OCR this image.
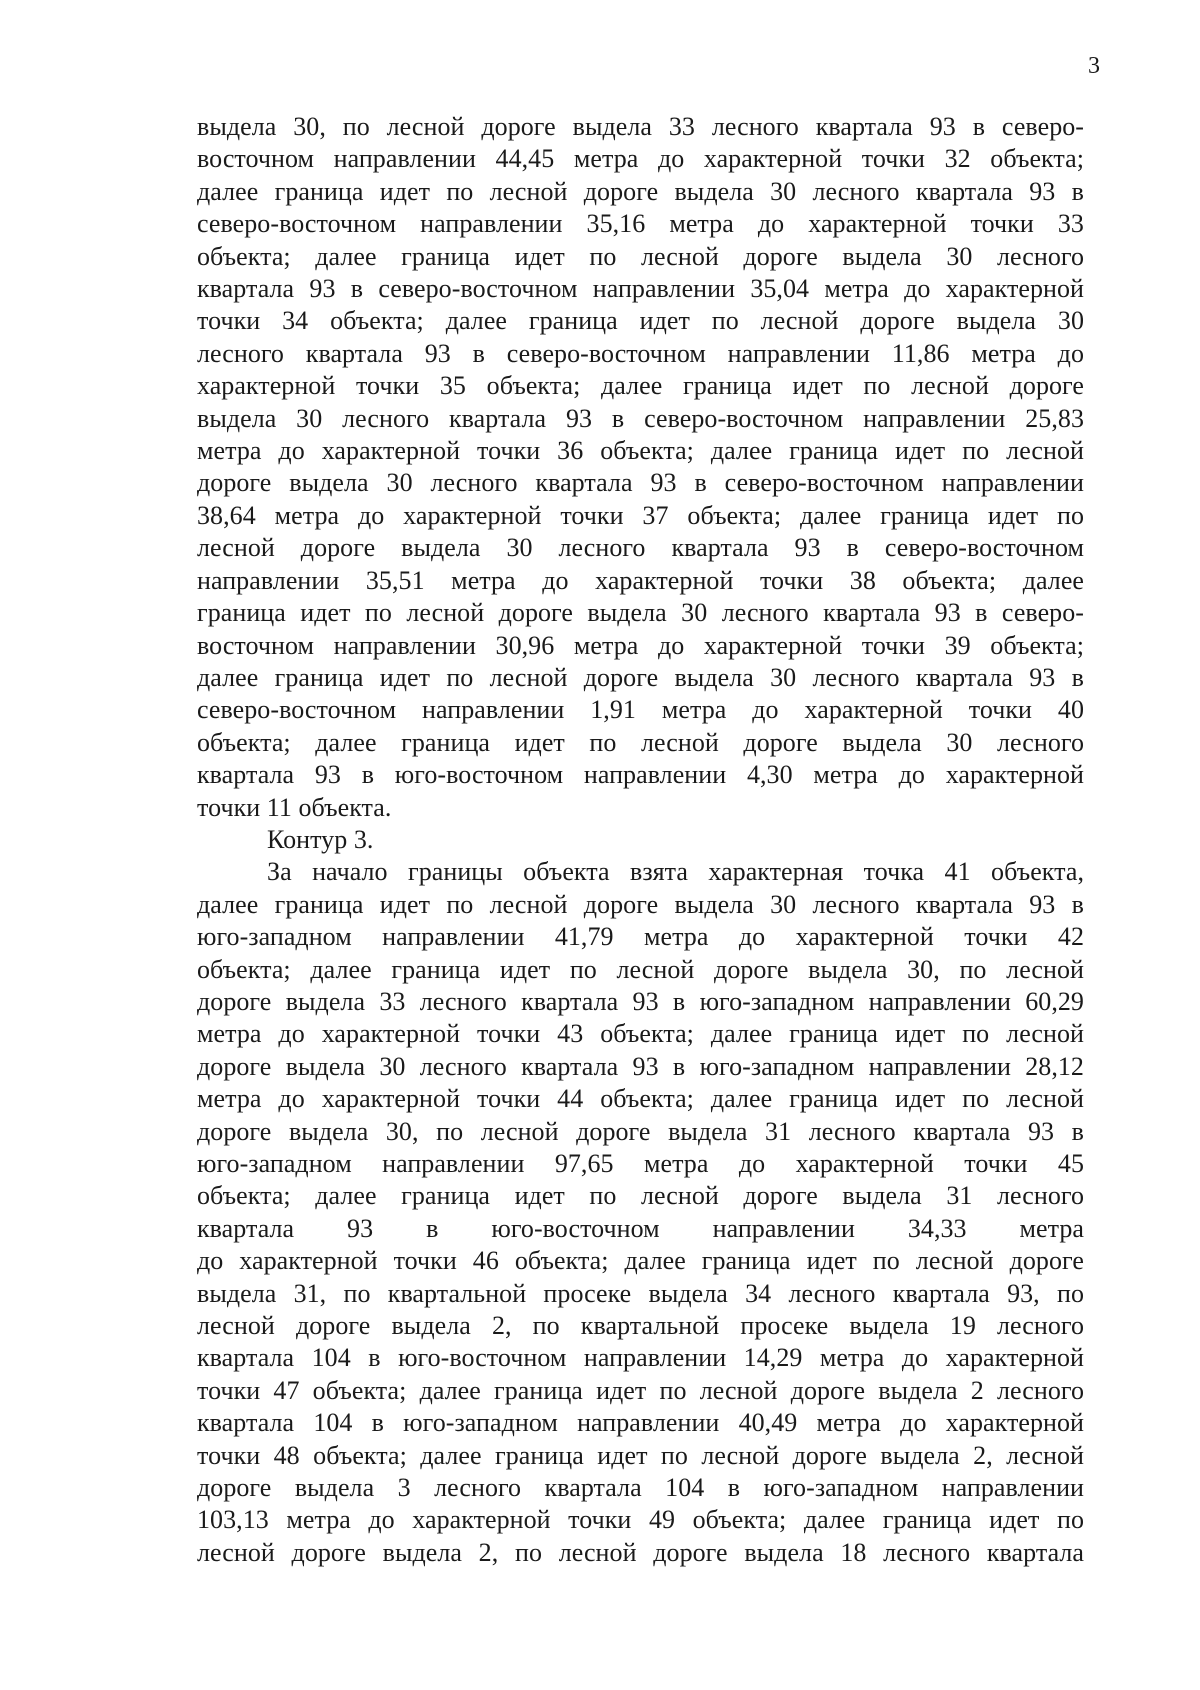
3
выдела 30, по лесной дороге выдела 33 лесного квартала 93 в северо-
восточном направлении 44,45 метра до характерной точки 32 объекта;
далее граница идет по лесной дороге выдела 30 лесного квартала 93 в
северо-восточном направлении 35,16 метра до характерной точки 33
объекта; далее граница идет по лесной дороге выдела 30 лесного
квартала 93 в северо-восточном направлении 35,04 метра до характерной
точки 34 объекта; далее граница идет по лесной дороге выдела 30
лесного квартала 93 в северо-восточном направлении 11,86 метра до
характерной точки 35 объекта; далее граница идет по лесной дороге
выдела 30 лесного квартала 93 в северо-восточном направлении 25,83
метра до характерной точки 36 объекта; далее граница идет по лесной
дороге выдела 30 лесного квартала 93 в северо-восточном направлении
38,64 метра до характерной точки 37 объекта; далее граница идет по
лесной дороге выдела 30 лесного квартала 93 в северо-восточном
направлении 35,51 метра до характерной точки 38 объекта; далее
граница идет по лесной дороге выдела 30 лесного квартала 93 в северо-
восточном направлении 30,96 метра до характерной точки 39 объекта;
далее граница идет по лесной дороге выдела 30 лесного квартала 93 в
северо-восточном направлении 1,91 метра до характерной точки 40
объекта; далее граница идет по лесной дороге выдела 30 лесного
квартала 93 в юго-восточном направлении 4,30 метра до характерной
точки 11 объекта.
Контур 3.
За начало границы объекта взята характерная точка 41 объекта,
далее граница идет по лесной дороге выдела 30 лесного квартала 93 в
юго-западном направлении 41,79 метра до характерной точки 42
объекта; далее граница идет по лесной дороге выдела 30, по лесной
дороге выдела 33 лесного квартала 93 в юго-западном направлении 60,29
метра до характерной точки 43 объекта; далее граница идет по лесной
дороге выдела 30 лесного квартала 93 в юго-западном направлении 28,12
метра до характерной точки 44 объекта; далее граница идет по лесной
дороге выдела 30, по лесной дороге выдела 31 лесного квартала 93 в
юго-западном направлении 97,65 метра до характерной точки 45
объекта; далее граница идет по лесной дороге выдела 31 лесного
квартала 93 в юго-восточном направлении 34,33 метра
до характерной точки 46 объекта; далее граница идет по лесной дороге
выдела 31, по квартальной просеке выдела 34 лесного квартала 93, по
лесной дороге выдела 2, по квартальной просеке выдела 19 лесного
квартала 104 в юго-восточном направлении 14,29 метра до характерной
точки 47 объекта; далее граница идет по лесной дороге выдела 2 лесного
квартала 104 в юго-западном направлении 40,49 метра до характерной
точки 48 объекта; далее граница идет по лесной дороге выдела 2, лесной
дороге выдела 3 лесного квартала 104 в юго-западном направлении
103,13 метра до характерной точки 49 объекта; далее граница идет по
лесной дороге выдела 2, по лесной дороге выдела 18 лесного квартала
